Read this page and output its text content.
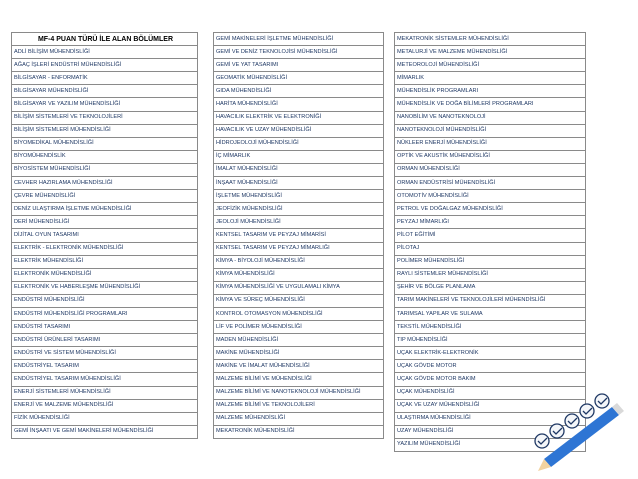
MF-4 PUAN TÜRÜ İLE ALAN BÖLÜMLER
ADLİ BİLİŞİM MÜHENDİSLİĞİ
AĞAÇ İŞLERİ ENDÜSTRİ MÜHENDİSLİĞİ
BİLGİSAYAR - ENFORMATİK
BİLGİSAYAR MÜHENDİSLİĞİ
BİLGİSAYAR VE YAZILIM MÜHENDİSLİĞİ
BİLİŞİM SİSTEMLERİ VE TEKNOLOJİLERİ
BİLİŞİM SİSTEMLERİ MÜHENDİSLİĞİ
BİYOMEDİKAL MÜHENDİSLİĞİ
BİYOMÜHENDİSLİK
BİYOSİSTEM MÜHENDİSLİĞİ
CEVHER HAZIRLAMA MÜHENDİSLİĞİ
ÇEVRE MÜHENDİSLİĞİ
DENİZ ULAŞTIRMA İŞLETME MÜHENDİSLİĞİ
DERİ MÜHENDİSLİĞİ
DİJİTAL OYUN TASARIMI
ELEKTRİK - ELEKTRONİK MÜHENDİSLİĞİ
ELEKTRİK MÜHENDİSLİĞİ
ELEKTRONİK MÜHENDİSLİĞİ
ELEKTRONİK VE HABERLEŞME MÜHENDİSLİĞİ
ENDÜSTRİ MÜHENDİSLİĞİ
ENDÜSTRİ MÜHENDİSLİĞİ PROGRAMLARI
ENDÜSTRİ TASARIMI
ENDÜSTRİ ÜRÜNLERİ TASARIMI
ENDÜSTRİ VE SİSTEM MÜHENDİSLİĞİ
ENDÜSTRİYEL TASARIM
ENDÜSTRİYEL TASARIM MÜHENDİSLİĞİ
ENERJİ SİSTEMLERİ MÜHENDİSLİĞİ
ENERJİ VE MALZEME MÜHENDİSLİĞİ
FİZİK MÜHENDİSLİĞİ
GEMİ İNŞAATI VE GEMİ MAKİNELERİ MÜHENDİSLİĞİ
GEMİ MAKİNELERİ İŞLETME MÜHENDİSLİĞİ
GEMİ VE DENİZ TEKNOLOJİSİ MÜHENDİSLİĞİ
GEMİ VE YAT TASARIMI
GEOMATİK MÜHENDİSLİĞİ
GIDA MÜHENDİSLİĞİ
HARİTA MÜHENDİSLİĞİ
HAVACILIK ELEKTRİK VE ELEKTRONİĞİ
HAVACILIK VE UZAY MÜHENDİSLİĞİ
HİDROJEOLOJİ MÜHENDİSLİĞİ
İÇ MİMARLIK
İMALAT MÜHENDİSLİĞİ
İNŞAAT MÜHENDİSLİĞİ
İŞLETME MÜHENDİSLİĞİ
JEOFİZİK MÜHENDİSLİĞİ
JEOLOJİ MÜHENDİSLİĞİ
KENTSEL TASARIM VE PEYZAJ MİMARİSİ
KENTSEL TASARIM VE PEYZAJ MİMARLIĞI
KİMYA - BİYOLOJİ MÜHENDİSLİĞİ
KİMYA MÜHENDİSLİĞİ
KİMYA MÜHENDİSLİĞİ VE UYGULAMALI KİMYA
KİMYA VE SÜREÇ MÜHENDİSLİĞİ
KONTROL OTOMASYON MÜHENDİSLİĞİ
LİF VE POLİMER MÜHENDİSLİĞİ
MADEN MÜHENDİSLİĞİ
MAKİNE MÜHENDİSLİĞİ
MAKİNE VE İMALAT MÜHENDİSLİĞİ
MALZEME BİLİMİ VE MÜHENDİSLİĞİ
MALZEME BİLİMİ VE NANOTEKNOLOJİ MÜHENDİSLİĞİ
MALZEME BİLİMİ VE TEKNOLOJİLERİ
MALZEME MÜHENDİSLİĞİ
MEKATRONİK MÜHENDİSLİĞİ
MEKATRONİK SİSTEMLER MÜHENDİSLİĞİ
METALURJİ VE MALZEME MÜHENDİSLİĞİ
METEOROLOJİ MÜHENDİSLİĞİ
MİMARLIK
MÜHENDİSLİK PROGRAMLARI
MÜHENDİSLİK VE DOĞA BİLİMLERİ PROGRAMLARI
NANOBİLİM VE NANOTEKNOLOJİ
NANOTEKNOLOJİ MÜHENDİSLİĞİ
NÜKLEER ENERJİ MÜHENDİSLİĞİ
OPTİK VE AKUSTİK MÜHENDİSLİĞİ
ORMAN MÜHENDİSLİĞİ
ORMAN ENDÜSTRİSİ MÜHENDİSLİĞİ
OTOMOTİV MÜHENDİSLİĞİ
PETROL VE DOĞALGAZ MÜHENDİSLİĞİ
PEYZAJ MİMARLIĞI
PİLOT EĞİTİMİ
PİLOTAJ
POLİMER MÜHENDİSLİĞİ
RAYLI SİSTEMLER MÜHENDİSLİĞİ
ŞEHİR VE BÖLGE PLANLAMA
TARIM MAKİNELERİ VE TEKNOLOJİLERİ MÜHENDİSLİĞİ
TARIMSAL YAPILAR VE SULAMA
TEKSTİL MÜHENDİSLİĞİ
TIP MÜHENDİSLİĞİ
UÇAK ELEKTRİK-ELEKTRONİK
UÇAK GÖVDE MOTOR
UÇAK GÖVDE MOTOR BAKIM
UÇAK MÜHENDİSLİĞİ
UÇAK VE UZAY MÜHENDİSLİĞİ
ULAŞTIRMA MÜHENDİSLİĞİ
UZAY MÜHENDİSLİĞİ
YAZILIM MÜHENDİSLİĞİ
